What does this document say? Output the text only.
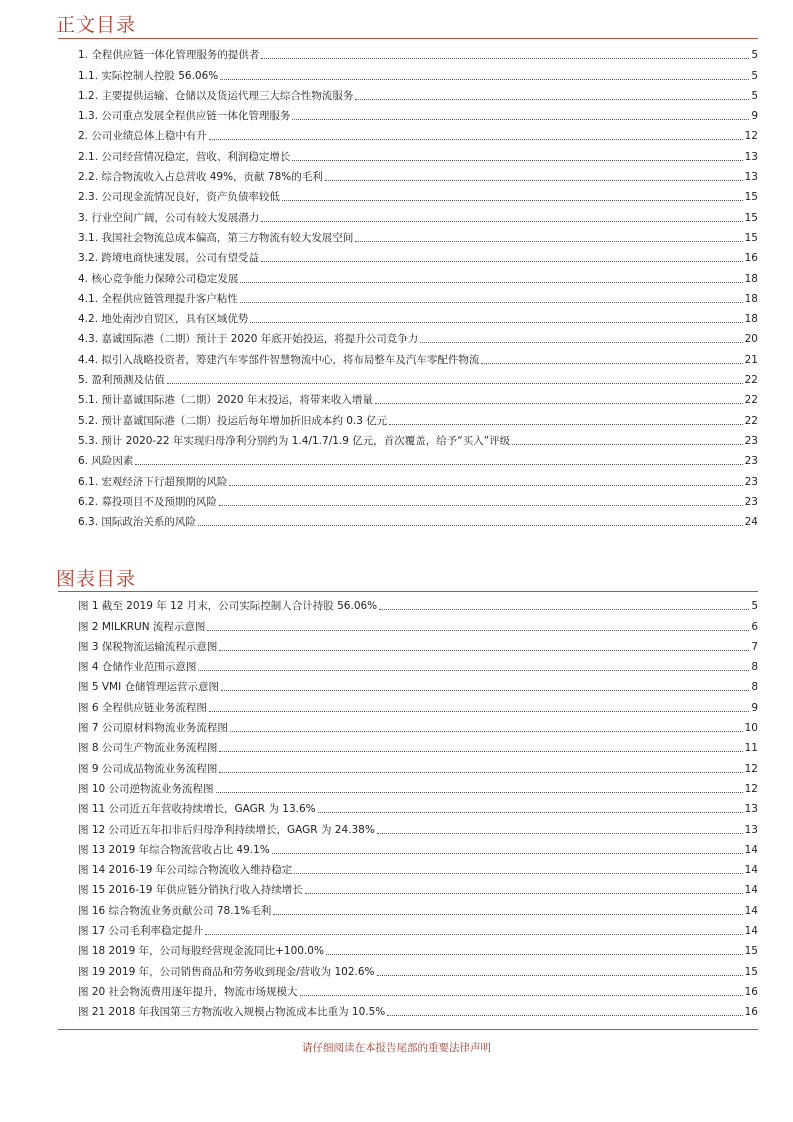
正文目录
1. 全程供应链一体化管理服务的提供者	5
1.1. 实际控制人控股 56.06%	5
1.2. 主要提供运输、仓储以及货运代理三大综合性物流服务	5
1.3. 公司重点发展全程供应链一体化管理服务	9
2. 公司业绩总体上稳中有升	12
2.1. 公司经营情况稳定，营收、利润稳定增长	13
2.2. 综合物流收入占总营收 49%，贡献 78%的毛利	13
2.3. 公司现金流情况良好，资产负债率较低	15
3. 行业空间广阔，公司有较大发展潜力	15
3.1. 我国社会物流总成本偏高，第三方物流有较大发展空间	15
3.2. 跨境电商快速发展，公司有望受益	16
4. 核心竞争能力保障公司稳定发展	18
4.1. 全程供应链管理提升客户粘性	18
4.2. 地处南沙自贸区，具有区域优势	18
4.3. 嘉诚国际港（二期）预计于 2020 年底开始投运，将提升公司竞争力	20
4.4. 拟引入战略投资者，筹建汽车零部件智慧物流中心，将布局整车及汽车零配件物流	21
5. 盈利预测及估值	22
5.1. 预计嘉诚国际港（二期）2020 年末投运，将带来收入增量	22
5.2. 预计嘉诚国际港（二期）投运后每年增加折旧成本约 0.3 亿元	22
5.3. 预计 2020-22 年实现归母净利分别约为 1.4/1.7/1.9 亿元，首次覆盖，给予“买入”评级	23
6. 风险因素	23
6.1. 宏观经济下行超预期的风险	23
6.2. 募投项目不及预期的风险	23
6.3. 国际政治关系的风险	24
图表目录
图 1 截至 2019 年 12 月末，公司实际控制人合计持股 56.06%	5
图 2 MILKRUN 流程示意图	6
图 3 保税物流运输流程示意图	7
图 4 仓储作业范围示意图	8
图 5 VMI 仓储管理运营示意图	8
图 6 全程供应链业务流程图	9
图 7 公司原材料物流业务流程图	10
图 8 公司生产物流业务流程图	11
图 9 公司成品物流业务流程图	12
图 10 公司逆物流业务流程图	12
图 11 公司近五年营收持续增长，GAGR 为 13.6%	13
图 12 公司近五年扣非后归母净利持续增长，GAGR 为 24.38%	13
图 13 2019 年综合物流营收占比 49.1%	14
图 14 2016-19 年公司综合物流收入维持稳定	14
图 15 2016-19 年供应链分销执行收入持续增长	14
图 16 综合物流业务贡献公司 78.1%毛利	14
图 17 公司毛利率稳定提升	14
图 18 2019 年，公司每股经营现金流同比+100.0%	15
图 19 2019 年，公司销售商品和劳务收到现金/营收为 102.6%	15
图 20 社会物流费用逐年提升，物流市场规模大	16
图 21 2018 年我国第三方物流收入规模占物流成本比重为 10.5%	16
请仔细阅读在本报告尾部的重要法律声明
